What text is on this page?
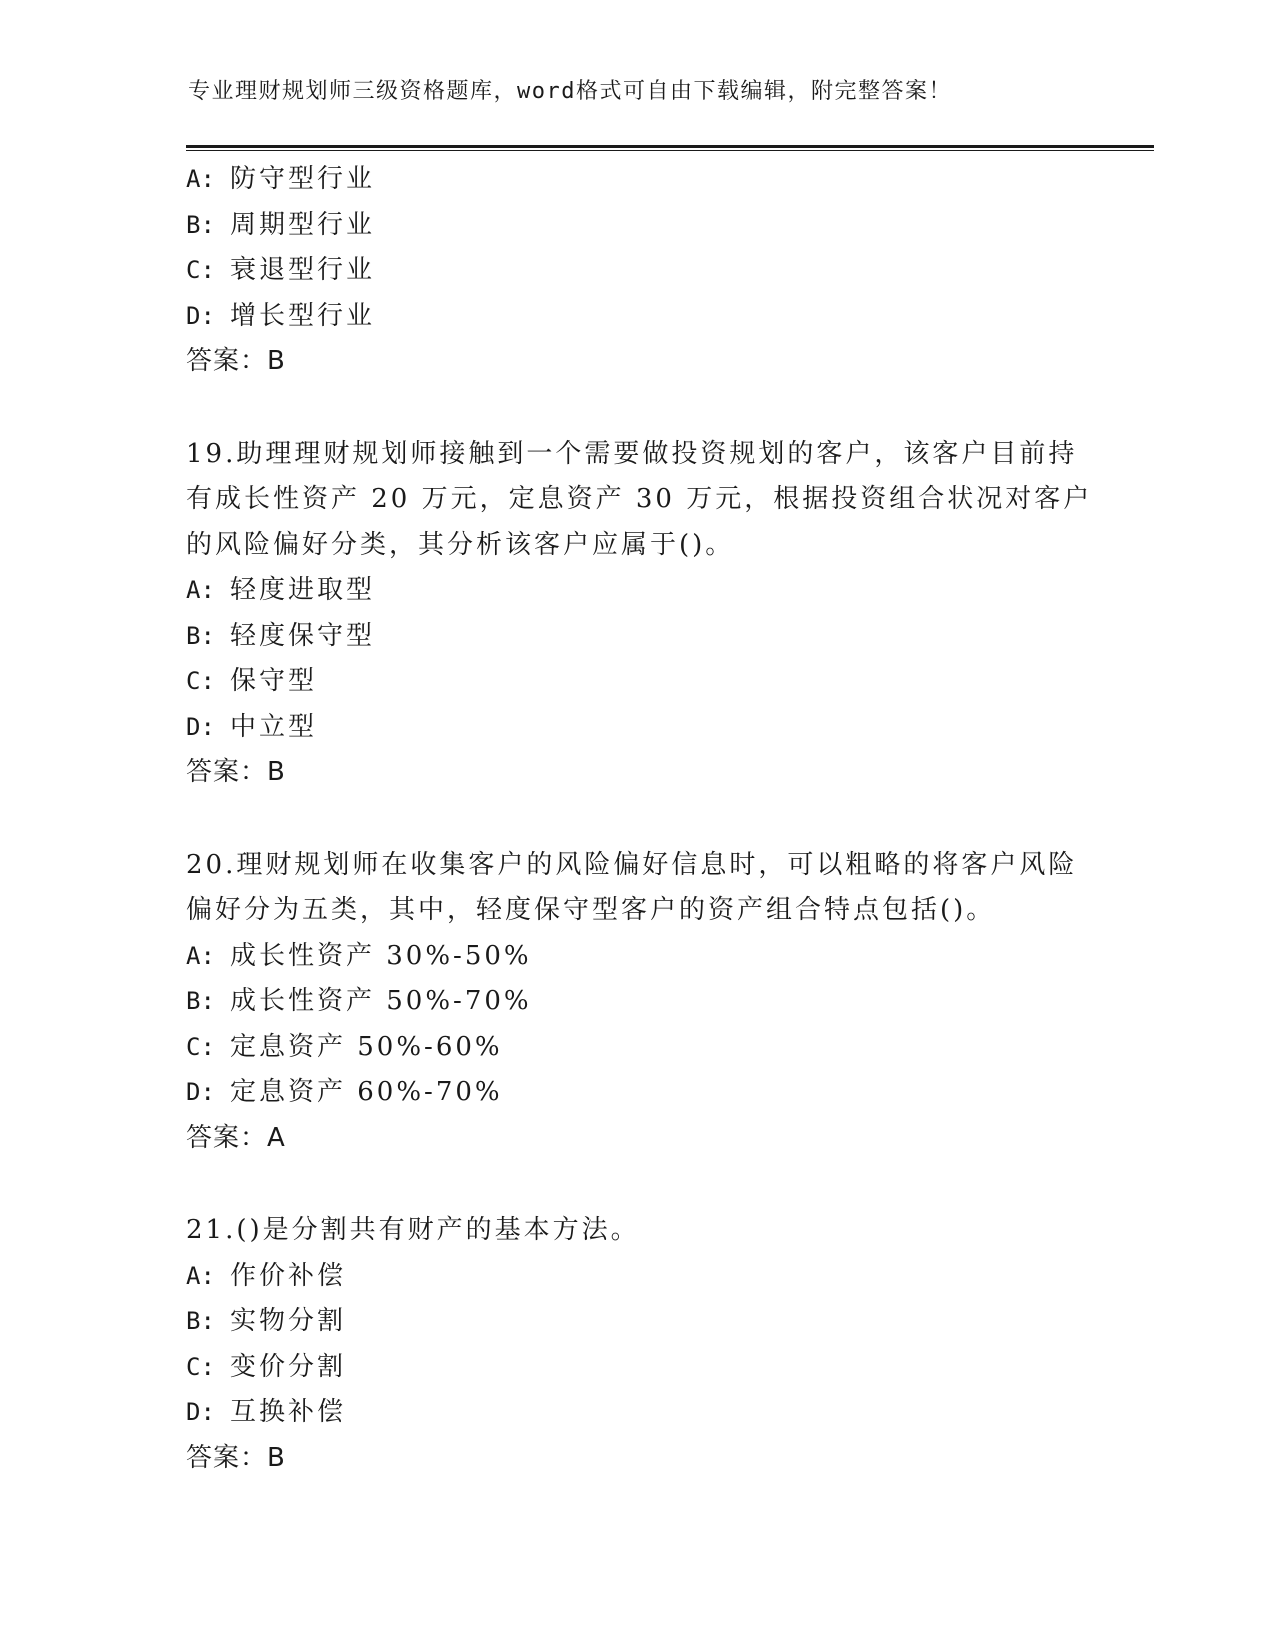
专业理财规划师三级资格题库，word格式可自由下载编辑，附完整答案！
A: 防守型行业
B: 周期型行业
C: 衰退型行业
D: 增长型行业
答案：B
19.助理理财规划师接触到一个需要做投资规划的客户，该客户目前持
有成长性资产 20 万元，定息资产 30 万元，根据投资组合状况对客户
的风险偏好分类，其分析该客户应属于()。
A: 轻度进取型
B: 轻度保守型
C: 保守型
D: 中立型
答案：B
20.理财规划师在收集客户的风险偏好信息时，可以粗略的将客户风险
偏好分为五类，其中，轻度保守型客户的资产组合特点包括()。
A: 成长性资产 30%-50%
B: 成长性资产 50%-70%
C: 定息资产 50%-60%
D: 定息资产 60%-70%
答案：A
21.()是分割共有财产的基本方法。
A: 作价补偿
B: 实物分割
C: 变价分割
D: 互换补偿
答案：B
